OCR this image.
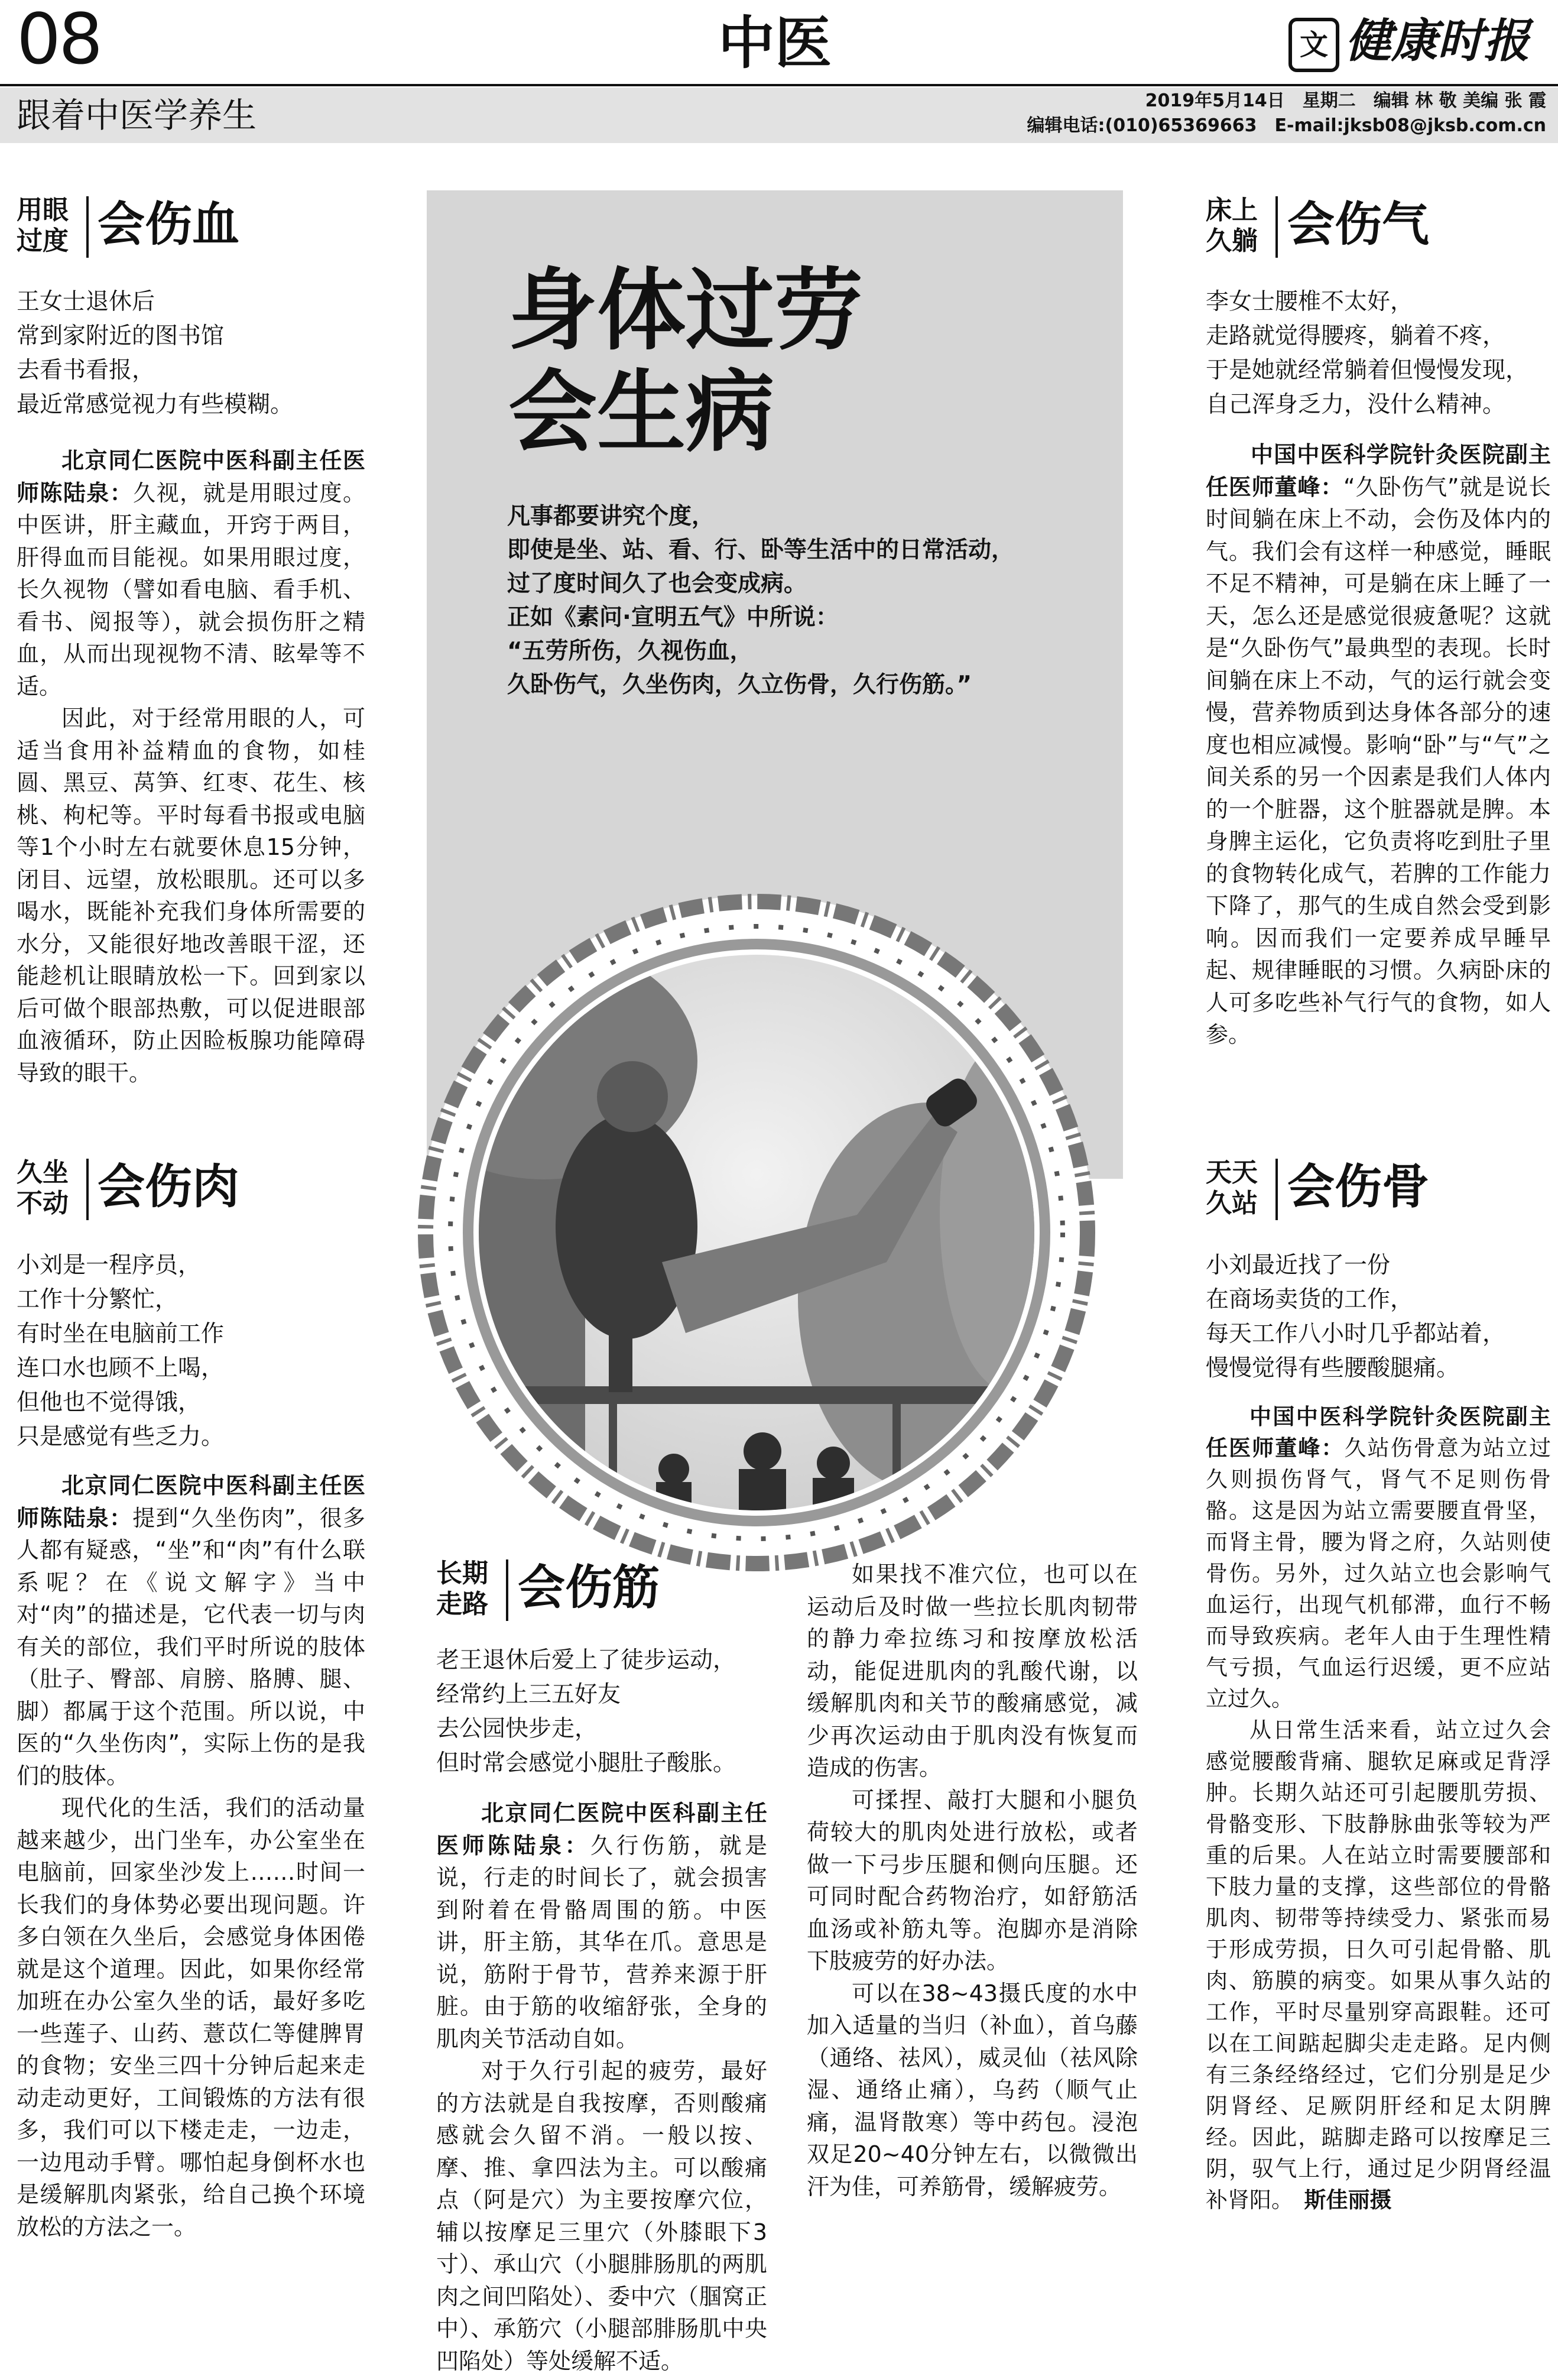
08	中医	文 健康时报
跟着中医学养生	2019年5月14日　星期二　编辑 林 敬 美编 张 霞
编辑电话:(010)65369663　E-mail:jksb08@jksb.com.cn
身体过劳
会生病
凡事都要讲究个度，
即使是坐、站、看、行、卧等生活中的日常活动，
过了度时间久了也会变成病。
正如《素问·宣明五气》中所说：
“五劳所伤，久视伤血，
久卧伤气，久坐伤肉，久立伤骨，久行伤筋。”
用眼
过度 会伤血
王女士退休后
常到家附近的图书馆
去看书看报，
最近常感觉视力有些模糊。

北京同仁医院中医科副主任医师陈陆泉：久视，就是用眼过度。中医讲，肝主藏血，开窍于两目，肝得血而目能视。如果用眼过度，长久视物（譬如看电脑、看手机、看书、阅报等），就会损伤肝之精血，从而出现视物不清、眩晕等不适。

因此，对于经常用眼的人，可适当食用补益精血的食物，如桂圆、黑豆、莴笋、红枣、花生、核桃、枸杞等。平时每看书报或电脑等1个小时左右就要休息15分钟，闭目、远望，放松眼肌。还可以多喝水，既能补充我们身体所需要的水分，又能很好地改善眼干涩，还能趁机让眼睛放松一下。回到家以后可做个眼部热敷，可以促进眼部血液循环，防止因睑板腺功能障碍导致的眼干。

久坐
不动 会伤肉
小刘是一程序员，
工作十分繁忙，
有时坐在电脑前工作
连口水也顾不上喝，
但他也不觉得饿，
只是感觉有些乏力。

北京同仁医院中医科副主任医师陈陆泉：提到“久坐伤肉”，很多人都有疑惑，“坐”和“肉”有什么联系呢？在《说文解字》当中对“肉”的描述是，它代表一切与肉有关的部位，我们平时所说的肢体（肚子、臀部、肩膀、胳膊、腿、脚）都属于这个范围。所以说，中医的“久坐伤肉”，实际上伤的是我们的肢体。

现代化的生活，我们的活动量越来越少，出门坐车，办公室坐在电脑前，回家坐沙发上……时间一长我们的身体势必要出现问题。许多白领在久坐后，会感觉身体困倦就是这个道理。因此，如果你经常加班在办公室久坐的话，最好多吃一些莲子、山药、薏苡仁等健脾胃的食物；安坐三四十分钟后起来走动走动更好，工间锻炼的方法有很多，我们可以下楼走走，一边走，一边甩动手臂。哪怕起身倒杯水也是缓解肌肉紧张，给自己换个环境放松的方法之一。

长期
走路 会伤筋
老王退休后爱上了徒步运动，
经常约上三五好友
去公园快步走，
但时常会感觉小腿肚子酸胀。

北京同仁医院中医科副主任医师陈陆泉：久行伤筋，就是说，行走的时间长了，就会损害到附着在骨骼周围的筋。中医讲，肝主筋，其华在爪。意思是说，筋附于骨节，营养来源于肝脏。由于筋的收缩舒张，全身的肌肉关节活动自如。

对于久行引起的疲劳，最好的方法就是自我按摩，否则酸痛感就会久留不消。一般以按、摩、推、拿四法为主。可以酸痛点（阿是穴）为主要按摩穴位，辅以按摩足三里穴（外膝眼下3寸）、承山穴（小腿腓肠肌的两肌肉之间凹陷处）、委中穴（腘窝正中）、承筋穴（小腿部腓肠肌中央凹陷处）等处缓解不适。

如果找不准穴位，也可以在运动后及时做一些拉长肌肉韧带的静力牵拉练习和按摩放松活动，能促进肌肉的乳酸代谢，以缓解肌肉和关节的酸痛感觉，减少再次运动由于肌肉没有恢复而造成的伤害。

可揉捏、敲打大腿和小腿负荷较大的肌肉处进行放松，或者做一下弓步压腿和侧向压腿。还可同时配合药物治疗，如舒筋活血汤或补筋丸等。泡脚亦是消除下肢疲劳的好办法。

可以在38~43摄氏度的水中加入适量的当归（补血），首乌藤（通络、祛风），威灵仙（祛风除湿、通络止痛），乌药（顺气止痛，温肾散寒）等中药包。浸泡双足20~40分钟左右，以微微出汗为佳，可养筋骨，缓解疲劳。

床上
久躺 会伤气
李女士腰椎不太好，
走路就觉得腰疼，躺着不疼，
于是她就经常躺着但慢慢发现，
自己浑身乏力，没什么精神。

中国中医科学院针灸医院副主任医师董峰：“久卧伤气”就是说长时间躺在床上不动，会伤及体内的气。我们会有这样一种感觉，睡眠不足不精神，可是躺在床上睡了一天，怎么还是感觉很疲惫呢？这就是“久卧伤气”最典型的表现。长时间躺在床上不动，气的运行就会变慢，营养物质到达身体各部分的速度也相应减慢。影响“卧”与“气”之间关系的另一个因素是我们人体内的一个脏器，这个脏器就是脾。本身脾主运化，它负责将吃到肚子里的食物转化成气，若脾的工作能力下降了，那气的生成自然会受到影响。因而我们一定要养成早睡早起、规律睡眠的习惯。久病卧床的人可多吃些补气行气的食物，如人参。

天天
久站 会伤骨
小刘最近找了一份
在商场卖货的工作，
每天工作八小时几乎都站着，
慢慢觉得有些腰酸腿痛。

中国中医科学院针灸医院副主任医师董峰：久站伤骨意为站立过久则损伤肾气，肾气不足则伤骨骼。这是因为站立需要腰直骨坚，而肾主骨，腰为肾之府，久站则使骨伤。另外，过久站立也会影响气血运行，出现气机郁滞，血行不畅而导致疾病。老年人由于生理性精气亏损，气血运行迟缓，更不应站立过久。

从日常生活来看，站立过久会感觉腰酸背痛、腿软足麻或足背浮肿。长期久站还可引起腰肌劳损、骨骼变形、下肢静脉曲张等较为严重的后果。人在站立时需要腰部和下肢力量的支撑，这些部位的骨骼肌肉、韧带等持续受力、紧张而易于形成劳损，日久可引起骨骼、肌肉、筋膜的病变。如果从事久站的工作，平时尽量别穿高跟鞋。还可以在工间踮起脚尖走走路。足内侧有三条经络经过，它们分别是足少阴肾经、足厥阴肝经和足太阴脾经。因此，踮脚走路可以按摩足三阴，驭气上行，通过足少阴肾经温补肾阳。　 斯佳丽摄
